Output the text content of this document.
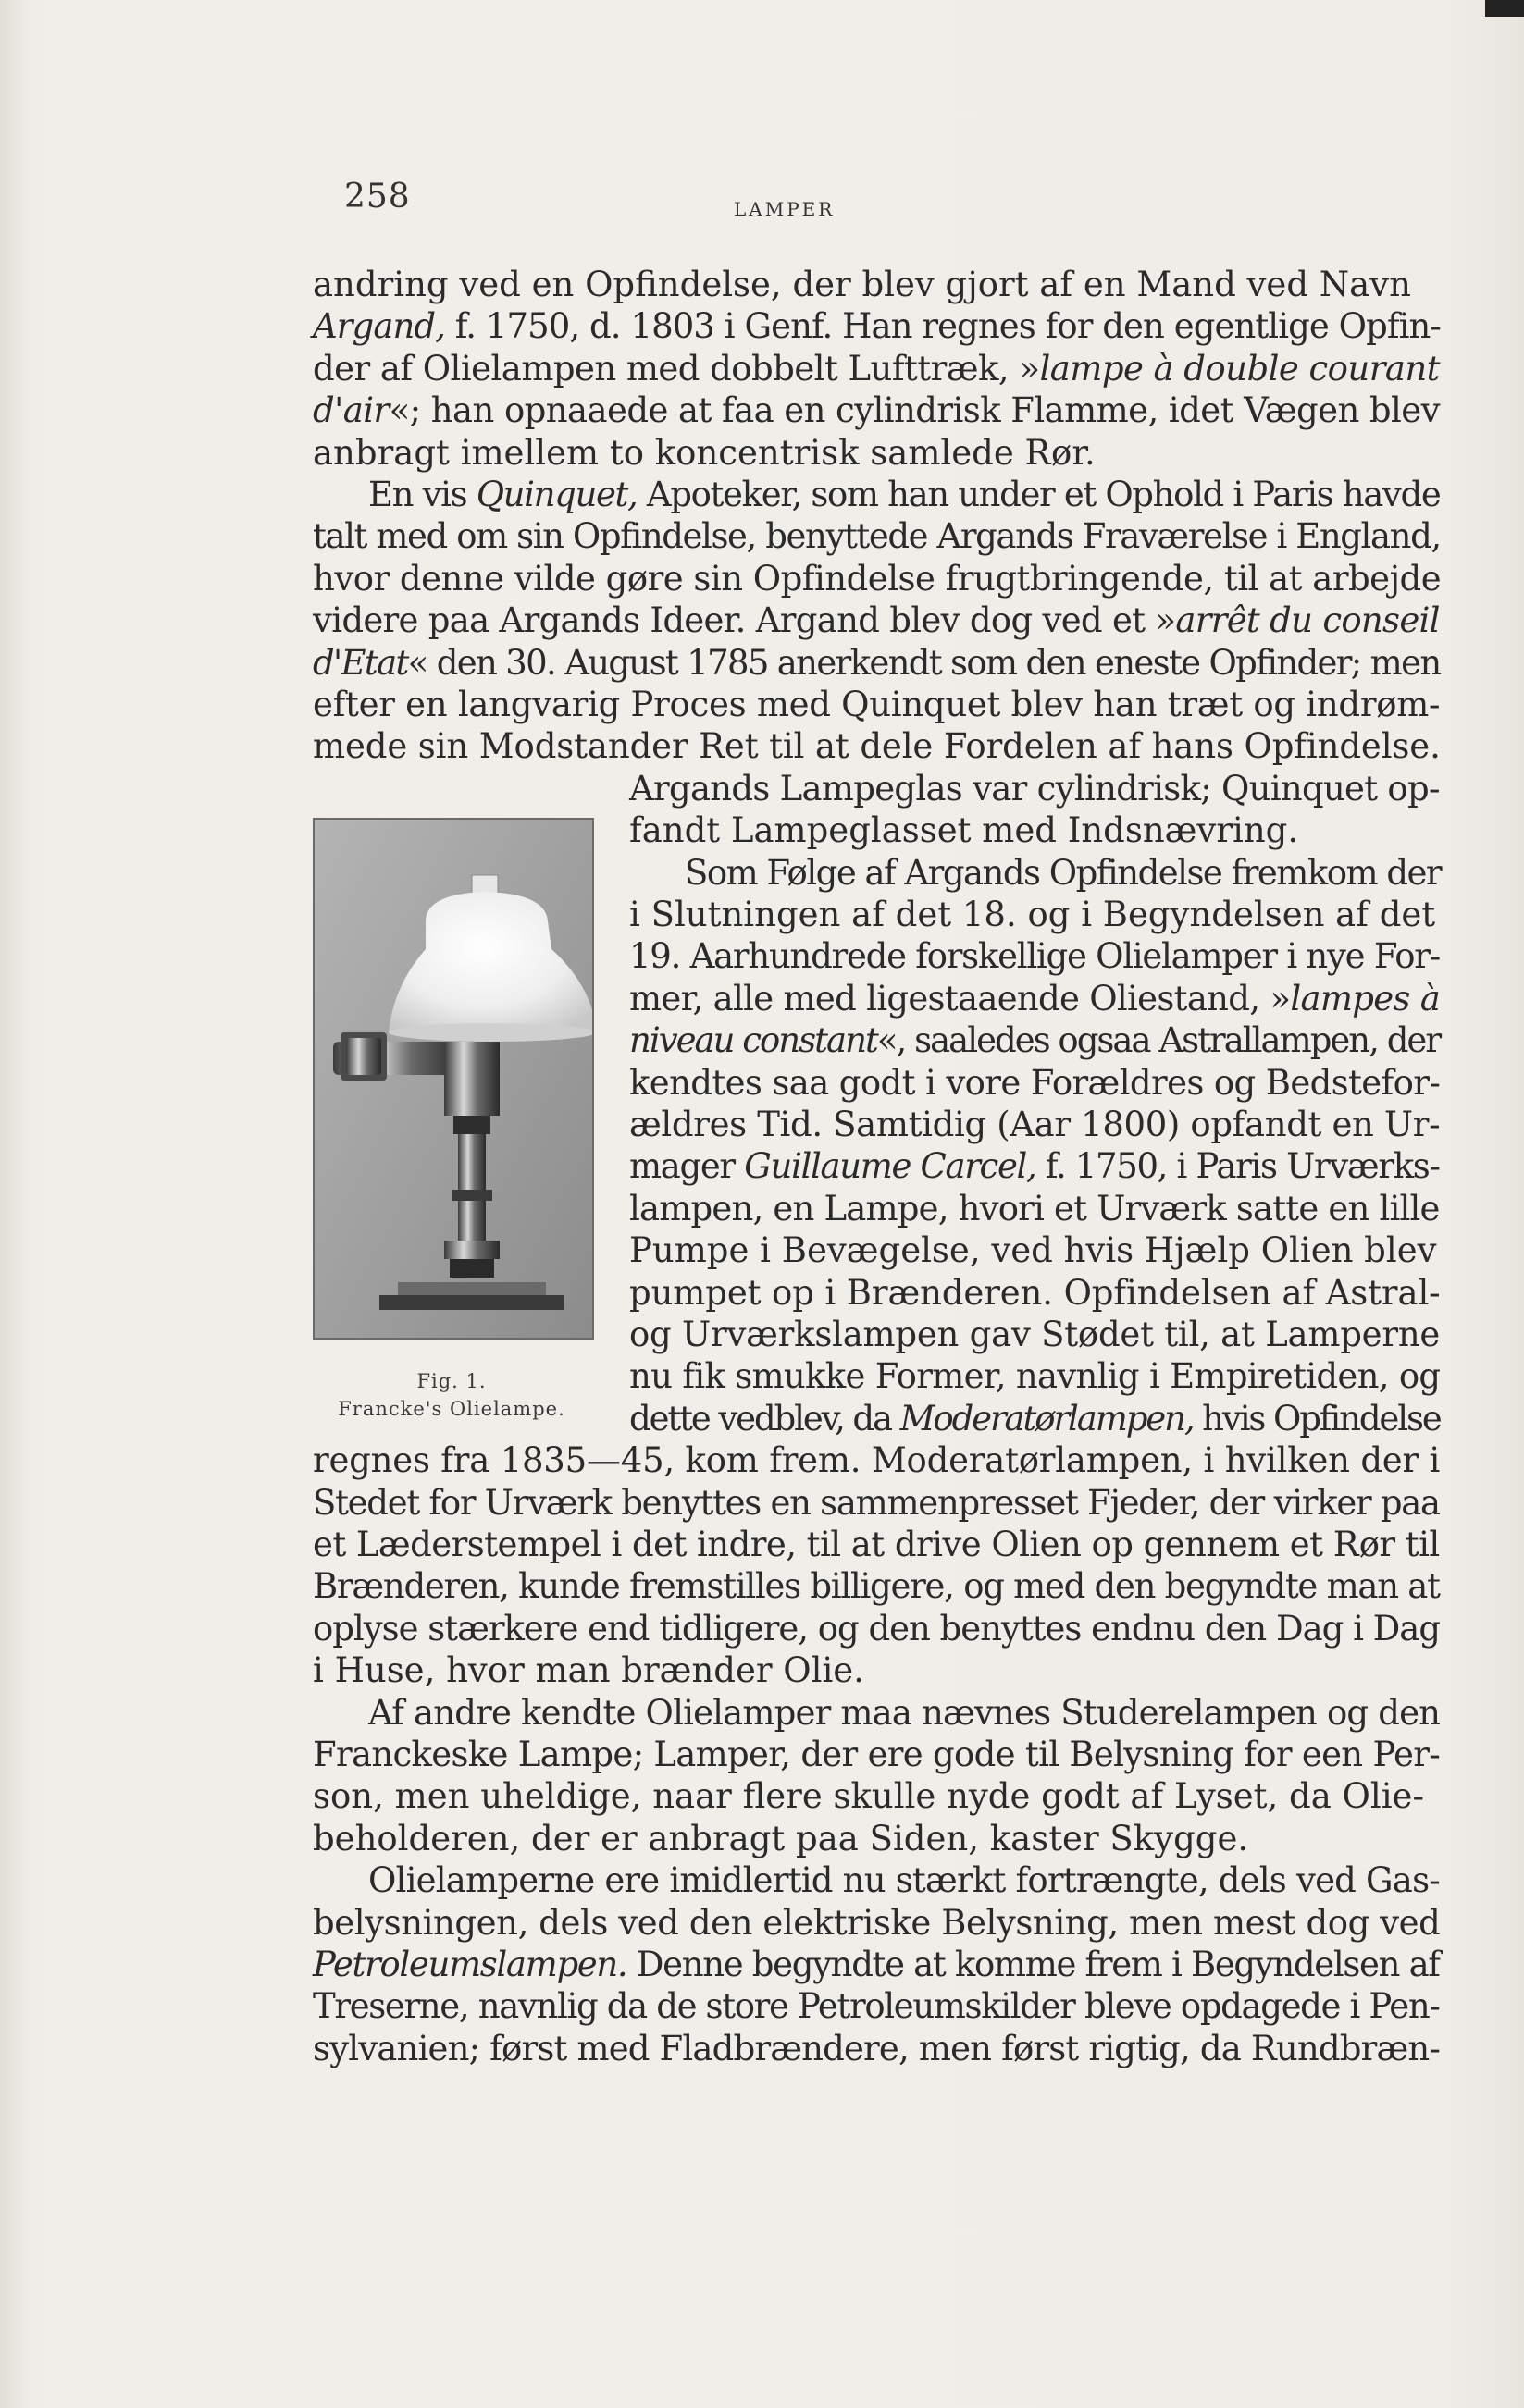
258	LAMPER
andring ved en Opfindelse, der blev gjort af en Mand ved Navn
Argand, f. 1750, d. 1803 i Genf. Han regnes for den egentlige Opfin-
der af Olielampen med dobbelt Lufttræk, »lampe à double courant
d'air«; han opnaaede at faa en cylindrisk Flamme, idet Vægen blev
anbragt imellem to koncentrisk samlede Rør.
En vis Quinquet, Apoteker, som han under et Ophold i Paris havde
talt med om sin Opfindelse, benyttede Argands Fraværelse i England,
hvor denne vilde gøre sin Opfindelse frugtbringende, til at arbejde
videre paa Argands Ideer. Argand blev dog ved et »arrêt du conseil
d'Etat« den 30. August 1785 anerkendt som den eneste Opfinder; men
efter en langvarig Proces med Quinquet blev han træt og indrøm-
mede sin Modstander Ret til at dele Fordelen af hans Opfindelse.
Argands Lampeglas var cylindrisk; Quinquet op-
fandt Lampeglasset med Indsnævring.
Som Følge af Argands Opfindelse fremkom der
i Slutningen af det 18. og i Begyndelsen af det
19. Aarhundrede forskellige Olielamper i nye For-
mer, alle med ligestaaende Oliestand, »lampes à
niveau constant«, saaledes ogsaa Astrallampen, der
kendtes saa godt i vore Forældres og Bedstefor-
ældres Tid. Samtidig (Aar 1800) opfandt en Ur-
mager Guillaume Carcel, f. 1750, i Paris Urværks-
lampen, en Lampe, hvori et Urværk satte en lille
Pumpe i Bevægelse, ved hvis Hjælp Olien blev
pumpet op i Brænderen. Opfindelsen af Astral-
og Urværkslampen gav Stødet til, at Lamperne
nu fik smukke Former, navnlig i Empiretiden, og
dette vedblev, da Moderatørlampen, hvis Opfindelse
regnes fra 1835—45, kom frem. Moderatørlampen, i hvilken der i
Stedet for Urværk benyttes en sammenpresset Fjeder, der virker paa
et Læderstempel i det indre, til at drive Olien op gennem et Rør til
Brænderen, kunde fremstilles billigere, og med den begyndte man at
oplyse stærkere end tidligere, og den benyttes endnu den Dag i Dag
i Huse, hvor man brænder Olie.
Af andre kendte Olielamper maa nævnes Studerelampen og den
Franckeske Lampe; Lamper, der ere gode til Belysning for een Per-
son, men uheldige, naar flere skulle nyde godt af Lyset, da Olie-
beholderen, der er anbragt paa Siden, kaster Skygge.
Olielamperne ere imidlertid nu stærkt fortrængte, dels ved Gas-
belysningen, dels ved den elektriske Belysning, men mest dog ved
Petroleumslampen. Denne begyndte at komme frem i Begyndelsen af
Treserne, navnlig da de store Petroleumskilder bleve opdagede i Pen-
sylvanien; først med Fladbrændere, men først rigtig, da Rundbræn-
Fig. 1.
Francke's Olielampe.
